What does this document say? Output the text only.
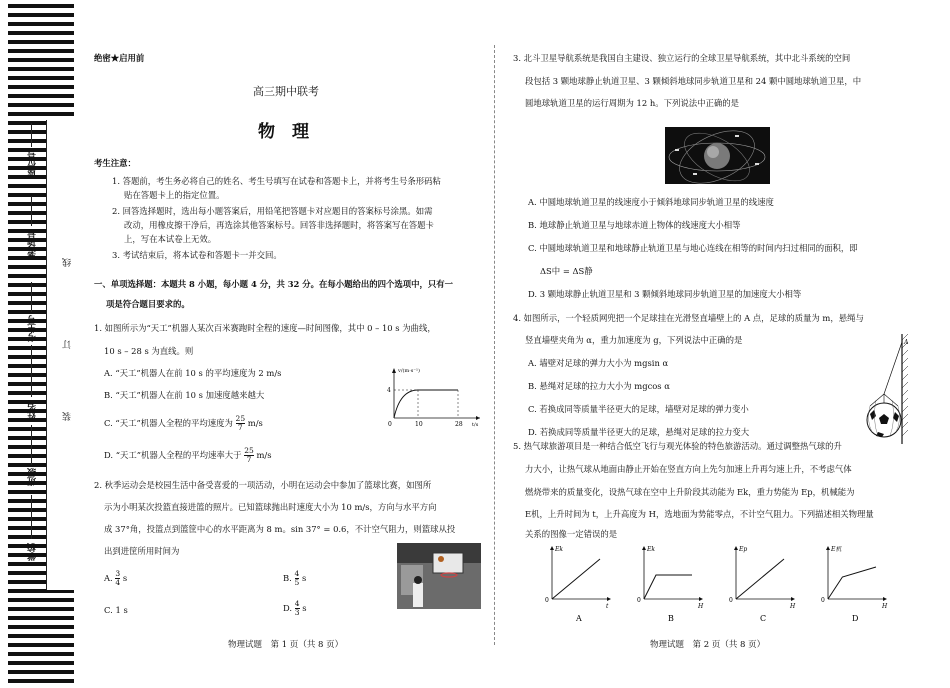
座位号
考场号
考生号
姓名
班级
学校
线
订
装
绝密★启用前
高三期中联考
物　理
考生注意：
1. 答题前，考生务必将自己的姓名、考生号填写在试卷和答题卡上，并将考生号条形码粘
贴在答题卡上的指定位置。
2. 回答选择题时，选出每小题答案后，用铅笔把答题卡对应题目的答案标号涂黑。如需
改动，用橡皮擦干净后，再选涂其他答案标号。回答非选择题时，将答案写在答题卡
上，写在本试卷上无效。
3. 考试结束后，将本试卷和答题卡一并交回。
一、单项选择题：本题共 8 小题，每小题 4 分，共 32 分。在每小题给出的四个选项中，只有一
项是符合题目要求的。
1. 如图所示为“天工”机器人某次百米赛跑时全程的速度—时间图像，其中 0 – 10 s 为曲线，
10 s – 28 s 为直线。则
A. “天工”机器人在前 10 s 的平均速度为 2 m/s
B. “天工”机器人在前 10 s 加速度越来越大
C. “天工”机器人全程的平均速度为 $\frac{25}{7} m/s$
D. “天工”机器人全程的平均速率大于 $\frac{25}{7} m/s$
v/(m·s⁻¹)
4
0	10	28 t/s
2. 秋季运动会是校园生活中备受喜爱的一项活动，小明在运动会中参加了篮球比赛，如图所
示为小明某次投篮直接进篮的照片。已知篮球抛出时速度大小为 10 m/s，方向与水平方向
成 37°角，投篮点到篮筐中心的水平距离为 8 m。sin 37° = 0.6，不计空气阻力，则篮球从投
出到进筐所用时间为
A. $\frac{3}{4}$ s	B. $\frac{4}{5}$ s
C. 1 s	D. $\frac{4}{3}$ s
物理试题　第 1 页（共 8 页）
3. 北斗卫星导航系统是我国自主建设、独立运行的全球卫星导航系统，其中北斗系统的空间
段包括 3 颗地球静止轨道卫星、3 颗倾斜地球同步轨道卫星和 24 颗中圆地球轨道卫星，中
圆地球轨道卫星的运行周期为 12 h。下列说法中正确的是
A. 中圆地球轨道卫星的线速度小于倾斜地球同步轨道卫星的线速度
B. 地球静止轨道卫星与地球赤道上物体的线速度大小相等
C. 中圆地球轨道卫星和地球静止轨道卫星与地心连线在相等的时间内扫过相同的面积，即
ΔS中 = ΔS静
D. 3 颗地球静止轨道卫星和 3 颗倾斜地球同步轨道卫星的加速度大小相等
4. 如图所示，一个轻质网兜把一个足球挂在光滑竖直墙壁上的 A 点，足球的质量为 m，悬绳与
竖直墙壁夹角为 α，重力加速度为 g，下列说法中正确的是
A. 墙壁对足球的弹力大小为 mgsin α
B. 悬绳对足球的拉力大小为 mgcos α
C. 若换成同等质量半径更大的足球，墙壁对足球的弹力变小
D. 若换成同等质量半径更大的足球，悬绳对足球的拉力变大
A
5. 热气球旅游项目是一种结合低空飞行与观光体验的特色旅游活动。通过调整热气球的升
力大小，让热气球从地面由静止开始在竖直方向上先匀加速上升再匀速上升，不考虑气体
燃烧带来的质量变化，设热气球在空中上升阶段其动能为 Ek，重力势能为 Ep，机械能为
E机，上升时间为 t，上升高度为 H，选地面为势能零点，不计空气阻力。下列描述相关物理量
关系的图像一定错误的是
Ek
t
0
A
Ek
H
0
B
Ep
H
0
C
E机
H
0
D
物理试题　第 2 页（共 8 页）
